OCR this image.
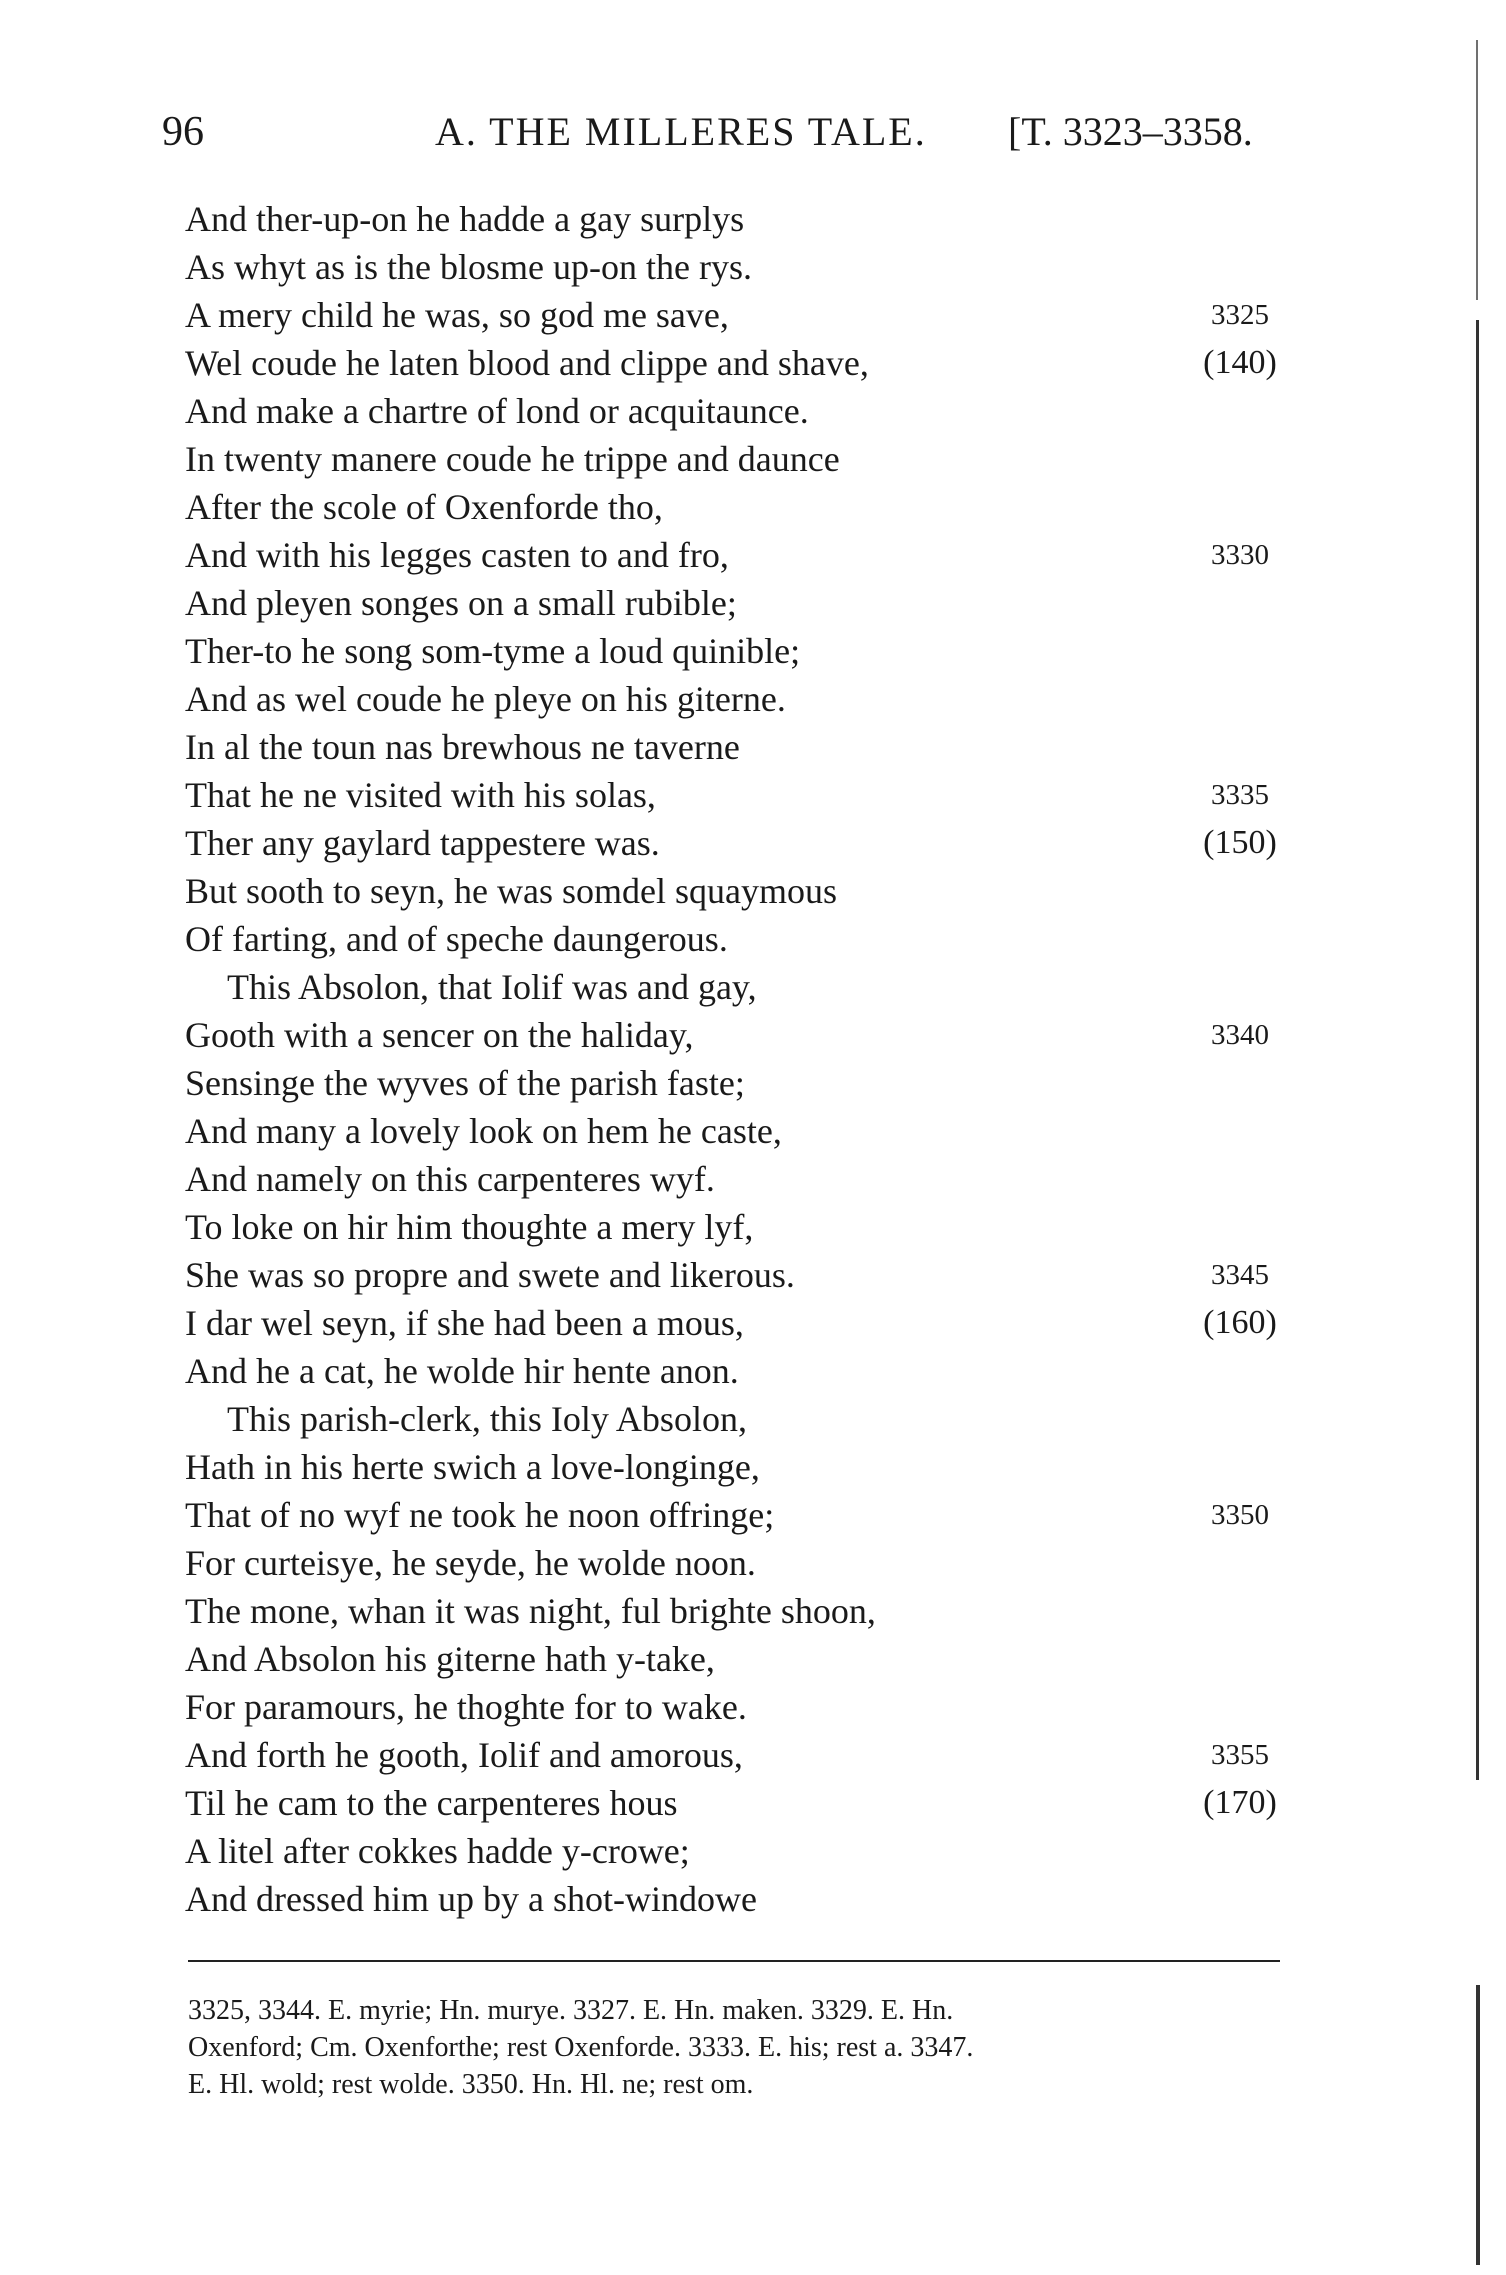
96	A. THE MILLERES TALE. [T. 3323–3358.
And ther-up-on he hadde a gay surplys
As whyt as is the blosme up-on the rys.
A mery child he was, so god me save,	3325
Wel coude he laten blood and clippe and shave,	(140)
And make a chartre of lond or acquitaunce.
In twenty manere coude he trippe and daunce
After the scole of Oxenforde tho,
And with his legges casten to and fro,	3330
And pleyen songes on a small rubible;
Ther-to he song som-tyme a loud quinible;
And as wel coude he pleye on his giterne.
In al the toun nas brewhous ne taverne
That he ne visited with his solas,	3335
Ther any gaylard tappestere was.	(150)
But sooth to seyn, he was somdel squaymous
Of farting, and of speche daungerous.
This Absolon, that Iolif was and gay,
Gooth with a sencer on the haliday,	3340
Sensinge the wyves of the parish faste;
And many a lovely look on hem he caste,
And namely on this carpenteres wyf.
To loke on hir him thoughte a mery lyf,
She was so propre and swete and likerous.	3345
I dar wel seyn, if she had been a mous,	(160)
And he a cat, he wolde hir hente anon.
This parish-clerk, this Ioly Absolon,
Hath in his herte swich a love-longinge,
That of no wyf ne took he noon offringe;	3350
For curteisye, he seyde, he wolde noon.
The mone, whan it was night, ful brighte shoon,
And Absolon his giterne hath y-take,
For paramours, he thoghte for to wake.
And forth he gooth, Iolif and amorous,	3355
Til he cam to the carpenteres hous	(170)
A litel after cokkes hadde y-crowe;
And dressed him up by a shot-windowe
3325, 3344. E. myrie; Hn. murye. 3327. E. Hn. maken. 3329. E. Hn.
Oxenford; Cm. Oxenforthe; rest Oxenforde. 3333. E. his; rest a. 3347.
E. Hl. wold; rest wolde. 3350. Hn. Hl. ne; rest om.
